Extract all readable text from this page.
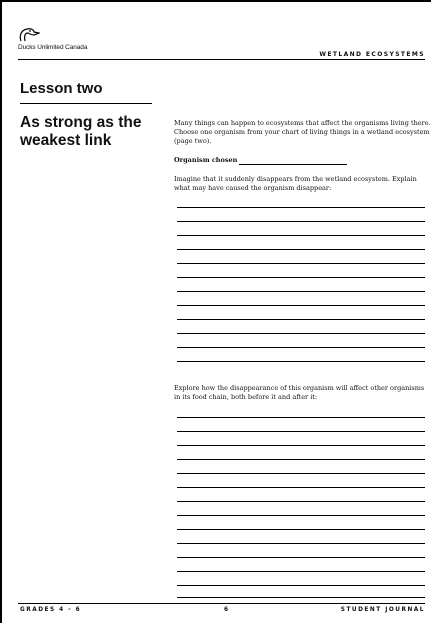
Ducks Unlimited Canada
WETLAND ECOSYSTEMS
Lesson two
As strong as the weakest link
Many things can happen to ecosystems that affect the organisms living there. Choose one organism from your chart of living things in a wetland ecosystem (page two).
Organism chosen
Imagine that it suddenly disappears from the wetland ecosystem. Explain what may have caused the organism disappear:
Explore how the disappearance of this organism will affect other organisms in its food chain, both before it and after it:
GRADES 4 - 6	6	STUDENT JOURNAL
